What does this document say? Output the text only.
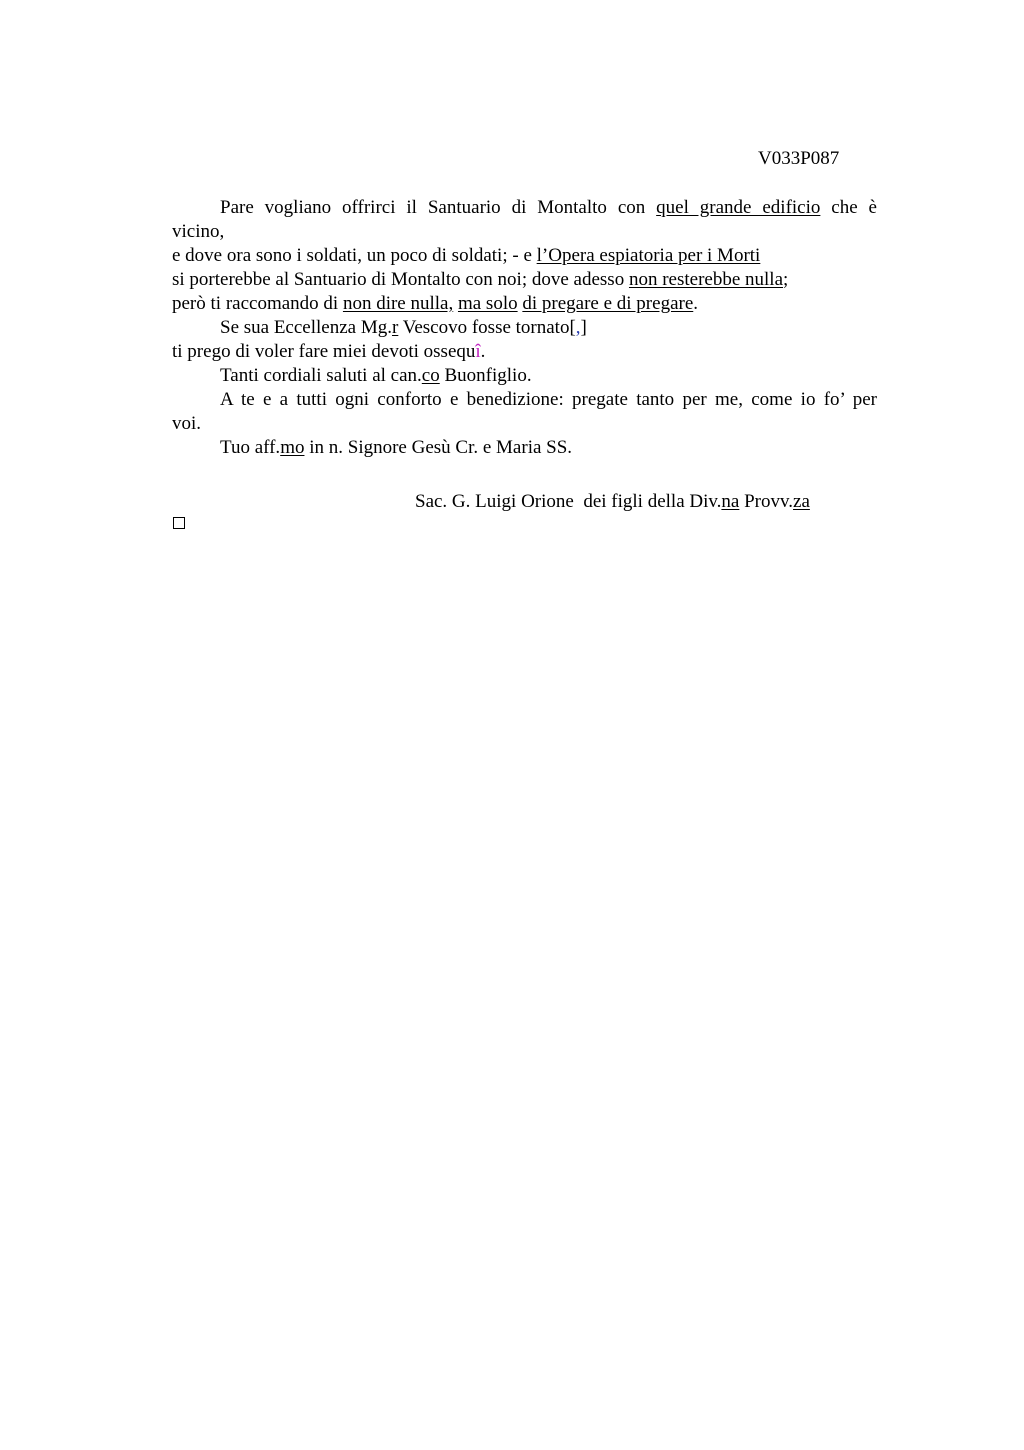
V033P087
Pare vogliano offrirci il Santuario di Montalto con quel grande edificio che è
vicino,
e dove ora sono i soldati, un poco di soldati; - e l’Opera espiatoria per i Morti
si porterebbe al Santuario di Montalto con noi; dove adesso non resterebbe nulla;
però ti raccomando di non dire nulla, ma solo di pregare e di pregare.
Se sua Eccellenza Mg.r Vescovo fosse tornato[,]
ti prego di voler fare miei devoti ossequî.
Tanti cordiali saluti al can.co Buonfiglio.
A te e a tutti ogni conforto e benedizione: pregate tanto per me, come io fo’ per
voi.
Tuo aff.mo in n. Signore Gesù Cr. e Maria SS.
Sac. G. Luigi Orione  dei figli della Div.na Provv.za
